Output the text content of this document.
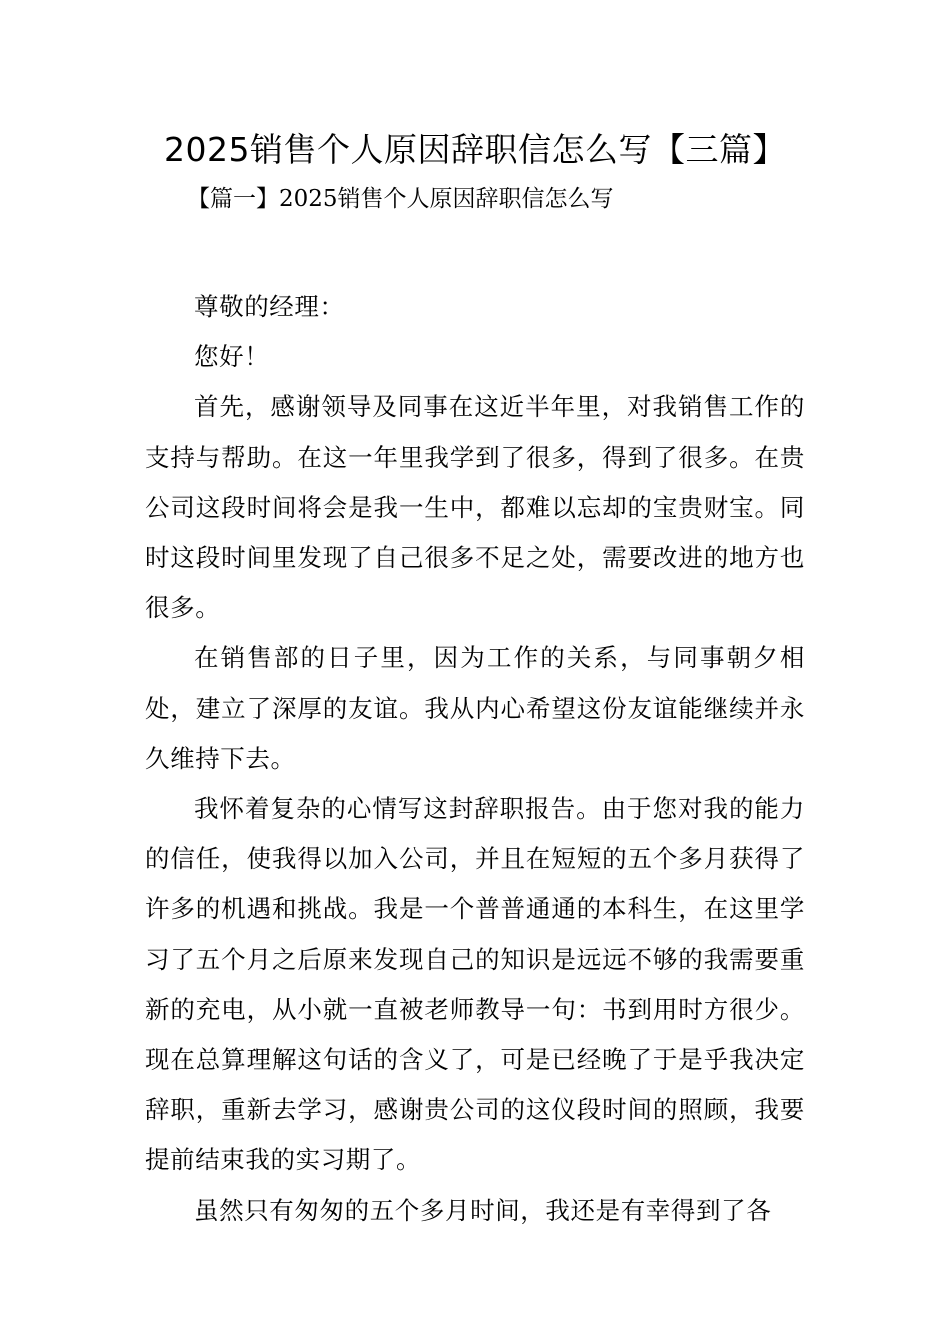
2025销售个人原因辞职信怎么写【三篇】
【篇一】2025销售个人原因辞职信怎么写

尊敬的经理：

您好！

首先，感谢领导及同事在这近半年里，对我销售工作的支持与帮助。在这一年里我学到了很多，得到了很多。在贵公司这段时间将会是我一生中，都难以忘却的宝贵财宝。同时这段时间里发现了自己很多不足之处，需要改进的地方也很多。

在销售部的日子里，因为工作的关系，与同事朝夕相处，建立了深厚的友谊。我从内心希望这份友谊能继续并永久维持下去。

我怀着复杂的心情写这封辞职报告。由于您对我的能力的信任，使我得以加入公司，并且在短短的五个多月获得了许多的机遇和挑战。我是一个普普通通的本科生，在这里学习了五个月之后原来发现自己的知识是远远不够的我需要重新的充电，从小就一直被老师教导一句：书到用时方很少。现在总算理解这句话的含义了，可是已经晚了于是乎我决定辞职，重新去学习，感谢贵公司的这仪段时间的照顾，我要提前结束我的实习期了。

虽然只有匆匆的五个多月时间，我还是有幸得到了各
